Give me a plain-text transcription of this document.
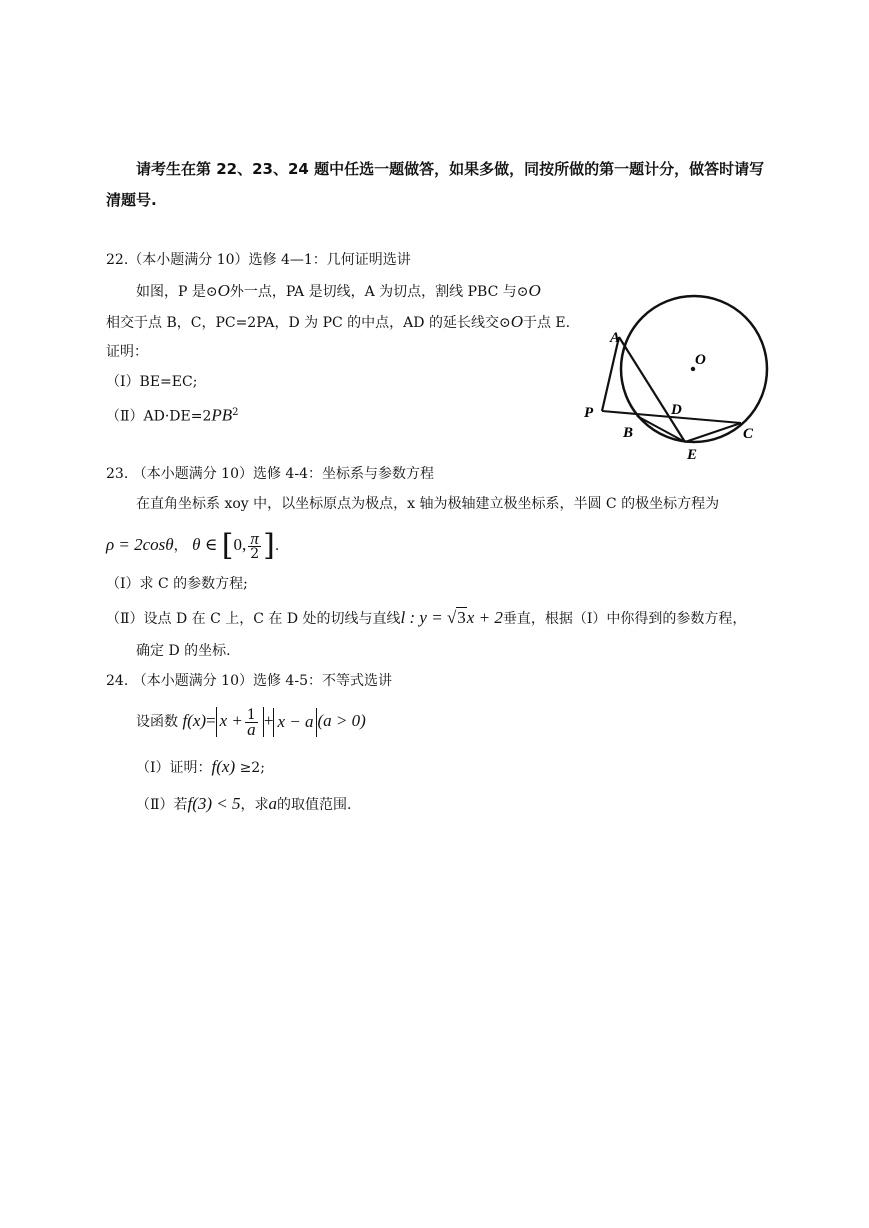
请考生在第 22、23、24 题中任选一题做答，如果多做，同按所做的第一题计分，做答时请写
清题号.
22.（本小题满分 10）选修 4—1：几何证明选讲
如图，P 是⊙O外一点，PA 是切线，A 为切点，割线 PBC 与⊙O
相交于点 B，C，PC=2PA，D 为 PC 的中点，AD 的延长线交⊙O于点 E.
证明：
（Ⅰ）BE=EC;
$(Ⅱ)AD\cdot DE=2PB^2$
A
O
P	D
B	C
E
23. （本小题满分 10）选修 4-4：坐标系与参数方程
在直角坐标系 xoy 中，以坐标原点为极点，x 轴为极轴建立极坐标系，半圆 C 的极坐标方程为
ρ = 2cosθ， θ ∈ [0, $\frac{\pi}{2}$ ].
（Ⅰ）求 C 的参数方程;
（Ⅱ）设点 D 在 C 上，C 在 D 处的切线与直线l : y = √3x + 2垂直，根据（Ⅰ）中你得到的参数方程，
确定 D 的坐标.
24. （本小题满分 10）选修 4-5：不等式选讲
设函数 $f(x)= x + \frac{1}{a} + x - a$ (a > 0)
（Ⅰ）证明：f(x) ≥2;
（Ⅱ）若f(3) < 5，求a的取值范围.
